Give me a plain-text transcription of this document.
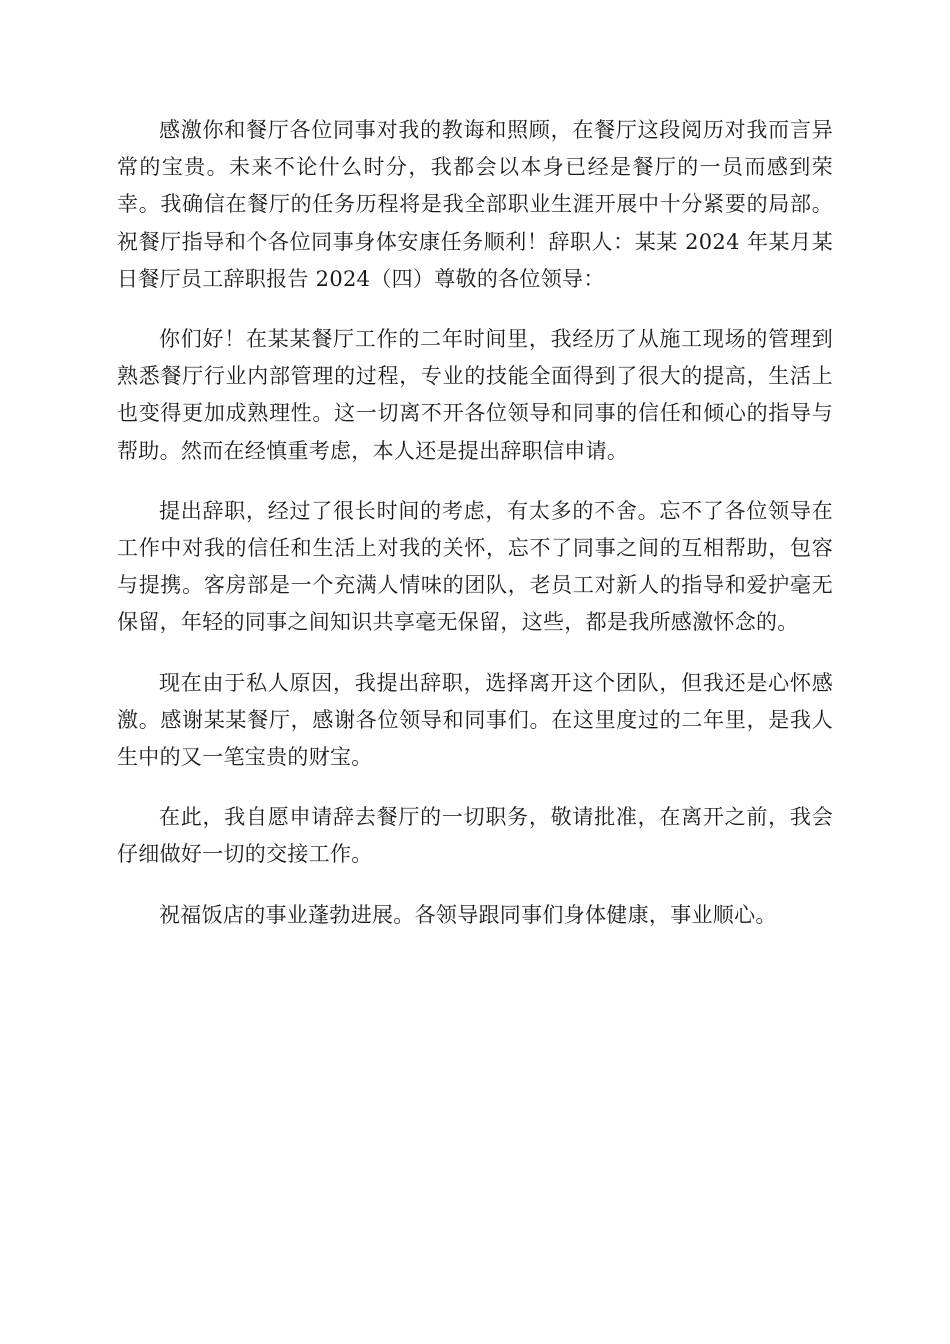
感激你和餐厅各位同事对我的教诲和照顾，在餐厅这段阅历对我而言异常的宝贵。未来不论什么时分，我都会以本身已经是餐厅的一员而感到荣幸。我确信在餐厅的任务历程将是我全部职业生涯开展中十分紧要的局部。祝餐厅指导和个各位同事身体安康任务顺利！辞职人：某某 2024 年某月某日餐厅员工辞职报告 2024（四）尊敬的各位领导：

你们好！在某某餐厅工作的二年时间里，我经历了从施工现场的管理到熟悉餐厅行业内部管理的过程，专业的技能全面得到了很大的提高，生活上也变得更加成熟理性。这一切离不开各位领导和同事的信任和倾心的指导与帮助。然而在经慎重考虑，本人还是提出辞职信申请。

提出辞职，经过了很长时间的考虑，有太多的不舍。忘不了各位领导在工作中对我的信任和生活上对我的关怀，忘不了同事之间的互相帮助，包容与提携。客房部是一个充满人情味的团队，老员工对新人的指导和爱护毫无保留，年轻的同事之间知识共享毫无保留，这些，都是我所感激怀念的。

现在由于私人原因，我提出辞职，选择离开这个团队，但我还是心怀感激。感谢某某餐厅，感谢各位领导和同事们。在这里度过的二年里，是我人生中的又一笔宝贵的财宝。

在此，我自愿申请辞去餐厅的一切职务，敬请批准，在离开之前，我会仔细做好一切的交接工作。

祝福饭店的事业蓬勃进展。各领导跟同事们身体健康，事业顺心。
